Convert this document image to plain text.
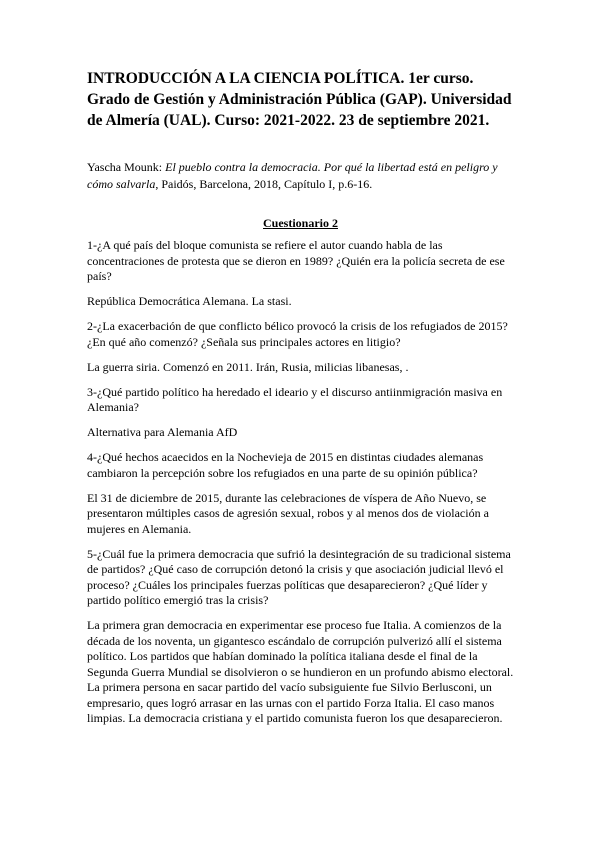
INTRODUCCIÓN A LA CIENCIA POLÍTICA. 1er curso. Grado de Gestión y Administración Pública (GAP). Universidad de Almería (UAL). Curso: 2021-2022. 23 de septiembre 2021.
Yascha Mounk: El pueblo contra la democracia. Por qué la libertad está en peligro y cómo salvarla, Paidós, Barcelona, 2018, Capítulo I, p.6-16.
Cuestionario 2
1-¿A qué país del bloque comunista se refiere el autor cuando habla de las concentraciones de protesta que se dieron en 1989? ¿Quién era la policía secreta de ese país?
República Democrática Alemana. La stasi.
2-¿La exacerbación de que conflicto bélico provocó la crisis de los refugiados de 2015? ¿En qué año comenzó? ¿Señala sus principales actores en litigio?
La guerra siria. Comenzó en 2011. Irán, Rusia, milicias libanesas, .
3-¿Qué partido político ha heredado el ideario y el discurso antiinmigración masiva en Alemania?
Alternativa para Alemania AfD
4-¿Qué hechos acaecidos en la Nochevieja de 2015 en distintas ciudades alemanas cambiaron la percepción sobre los refugiados en una parte de su opinión pública?
El 31 de diciembre de 2015, durante las celebraciones de víspera de Año Nuevo, se presentaron múltiples casos de agresión sexual, robos y al menos dos de violación a mujeres en Alemania.
5-¿Cuál fue la primera democracia que sufrió la desintegración de su tradicional sistema de partidos? ¿Qué caso de corrupción detonó la crisis y que asociación judicial llevó el proceso? ¿Cuáles los principales fuerzas políticas que desaparecieron? ¿Qué líder y partido político emergió tras la crisis?
La primera gran democracia en experimentar ese proceso fue Italia. A comienzos de la década de los noventa, un gigantesco escándalo de corrupción pulverizó allí el sistema político. Los partidos que habían dominado la política italiana desde el final de la Segunda Guerra Mundial se disolvieron o se hundieron en un profundo abismo electoral. La primera persona en sacar partido del vacío subsiguiente fue Silvio Berlusconi, un empresario, ques logró arrasar en las urnas con el partido Forza Italia. El caso manos limpias. La democracia cristiana y el partido comunista fueron los que desaparecieron.
